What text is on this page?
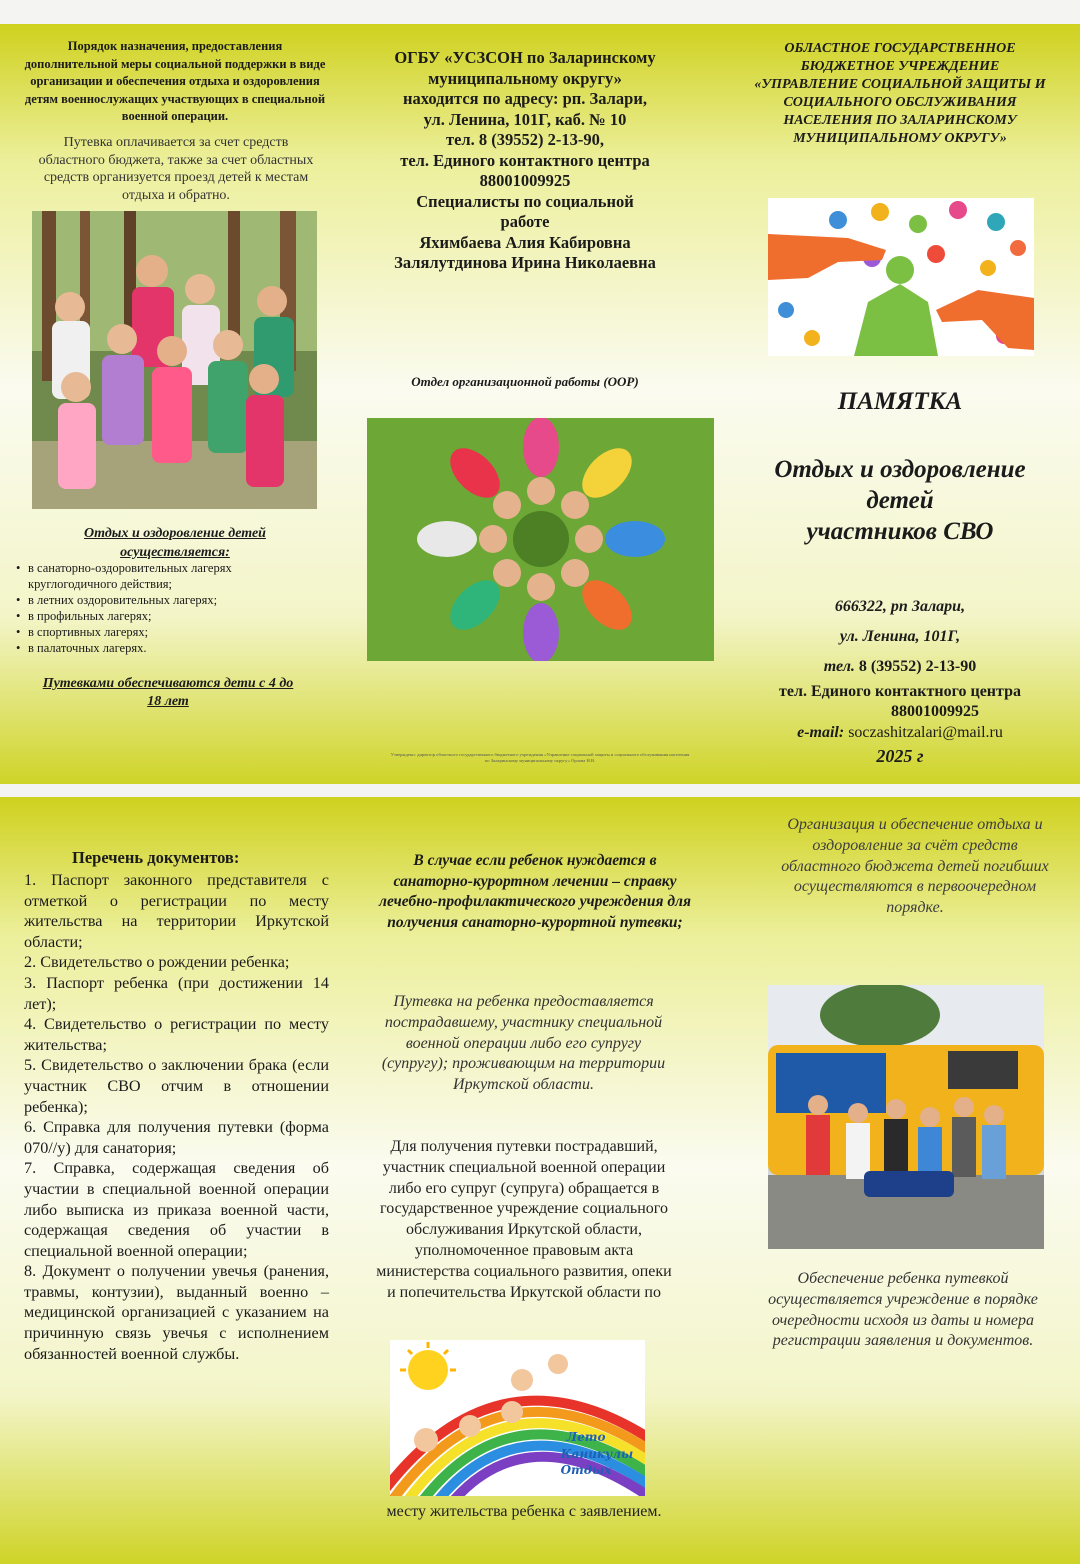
Порядок назначения, предоставления дополнительной меры социальной поддержки в виде организации и обеспечения отдыха и оздоровления детям военнослужащих участвующих в специальной военной операции.

Путевка оплачивается за счет средств областного бюджета, также за счет областных средств организуется проезд детей к местам отдыха и обратно.

Отдых и оздоровление детей осуществляется:

• в санаторно-оздоровительных лагерях круглогодичного действия;
• в летних оздоровительных лагерях;
• в профильных лагерях;
• в спортивных лагерях;
• в палаточных лагерях.

Путевками обеспечиваются дети с 4 до 18 лет

ОГБУ «УСЗСОН по Заларинскому

муниципальному округу»

находится по адресу: рп. Залари,

ул. Ленина, 101Г, каб. № 10

тел. 8 (39552) 2-13-90,

тел. Единого контактного центра

88001009925

Специалисты по социальной

работе

Яхимбаева Алия Кабировна

Залялутдинова Ирина Николаевна

Отдел организационной работы (ООР)

Утверждено: директор областного государственного бюджетного учреждения «Управление социальной защиты и социального обслуживания населения по Заларинскому муниципальному округу» Орлова Н.В.

ОБЛАСТНОЕ ГОСУДАРСТВЕННОЕ БЮДЖЕТНОЕ УЧРЕЖДЕНИЕ «УПРАВЛЕНИЕ СОЦИАЛЬНОЙ ЗАЩИТЫ И СОЦИАЛЬНОГО ОБСЛУЖИВАНИЯ НАСЕЛЕНИЯ ПО ЗАЛАРИНСКОМУ МУНИЦИПАЛЬНОМУ ОКРУГУ»

ПАМЯТКА

Отдых и оздоровление

детей

участников СВО

666322, рп Залари,

ул. Ленина, 101Г,

тел. 8 (39552) 2-13-90

тел. Единого контактного центра

88001009925

e-mail: soczashitzalari@mail.ru

2025 г

Перечень документов:

1. Паспорт законного представителя с отметкой о регистрации по месту жительства на территории Иркутской области;

2. Свидетельство о рождении ребенка;

3. Паспорт ребенка (при достижении 14 лет);

4. Свидетельство о регистрации по месту жительства;

5. Свидетельство о заключении брака (если участник СВО отчим в отношении ребенка);

6. Справка для получения путевки (форма 070//у) для санатория;

7. Справка, содержащая сведения об участии в специальной военной операции либо выписка из приказа военной части, содержащая сведения об участии в специальной военной операции;

8. Документ о получении увечья (ранения, травмы, контузии), выданный военно – медицинской организацией с указанием на причинную связь увечья с исполнением обязанностей военной службы.

В случае если ребенок нуждается в санаторно-курортном лечении – справку лечебно-профилактического учреждения для получения санаторно-курортной путевки;

Путевка на ребенка предоставляется пострадавшему, участнику специальной военной операции либо его супругу (супругу); проживающим на территории Иркутской области.

Для получения путевки пострадавший, участник специальной военной операции либо его супруг (супруга) обращается в государственное учреждение социального обслуживания Иркутской области, уполномоченное правовым акта министерства социального развития, опеки и попечительства Иркутской области по

Лето
Каникулы
Отдых

месту жительства ребенка с заявлением.

Организация и обеспечение отдыха и оздоровление за счёт средств областного бюджета детей погибших осуществляются в первоочередном порядке.

Обеспечение ребенка путевкой осуществляется учреждение в порядке очередности исходя из даты и номера регистрации заявления и документов.
